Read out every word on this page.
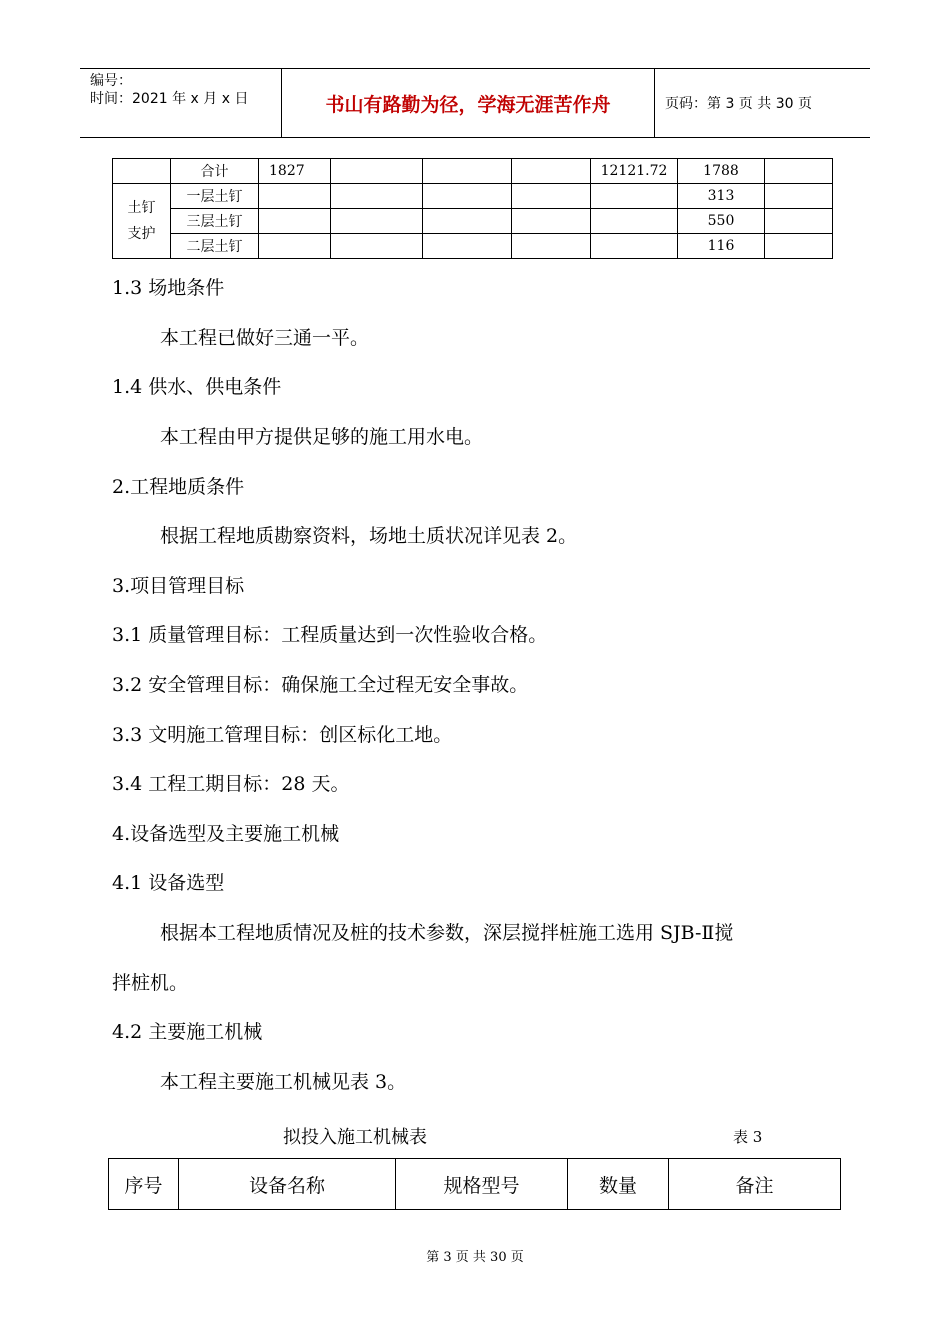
编号：
时间：2021 年 x 月 x 日	书山有路勤为径，学海无涯苦作舟	页码：第 3 页 共 30 页
	合计	1827				12121.72	1788	

土钉
支护	一层土钉						313	
	三层土钉						550	
	二层土钉						116	
1.3 场地条件
本工程已做好三通一平。
1.4 供水、供电条件
本工程由甲方提供足够的施工用水电。
2.工程地质条件
根据工程地质勘察资料，场地土质状况详见表 2。
3.项目管理目标
3.1 质量管理目标：工程质量达到一次性验收合格。
3.2 安全管理目标：确保施工全过程无安全事故。
3.3 文明施工管理目标：创区标化工地。
3.4 工程工期目标：28 天。
4.设备选型及主要施工机械
4.1 设备选型
根据本工程地质情况及桩的技术参数，深层搅拌桩施工选用 SJB-Ⅱ搅
拌桩机。
4.2 主要施工机械
本工程主要施工机械见表 3。
拟投入施工机械表	表 3
序号	设备名称	规格型号	数量	备注
第 3 页 共 30 页
